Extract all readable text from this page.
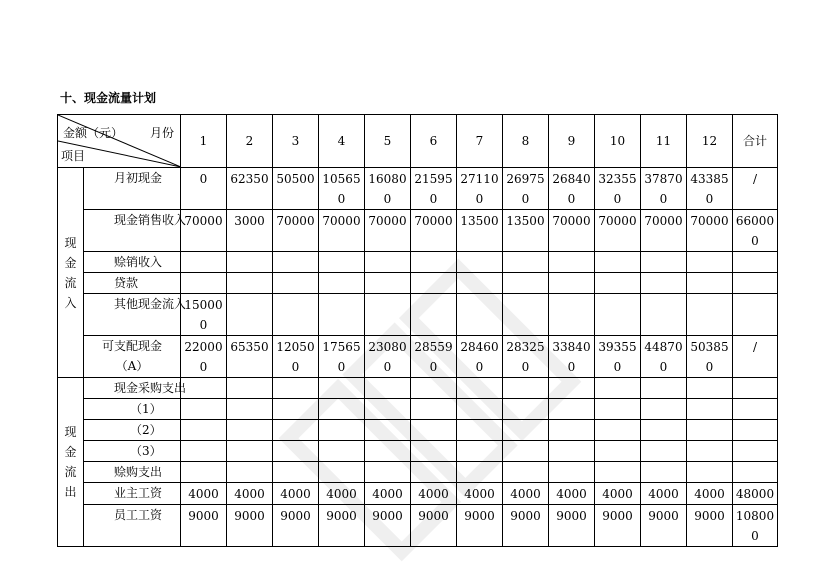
十、现金流量计划
金额（元） 月份
项目		1	2	3	4	5	6	7	8	9	10	11	12	合计

现
金
流
入	月初现金	0	62350	50500	105650	160800	215950	271100	269750	268400	323550	378700	433850	/

	现金销售收入	70000	3000	70000	70000	70000	70000	13500	13500	70000	70000	70000	70000	660000

	赊销收入													

	贷款													

	其他现金流入	150000												

	可支配现金
（A）	220000	65350	120500	175650	230800	285590	284600	283250	338400	393550	448700	503850	/

现
金
流
出	现金采购支出													

	（1）													

	（2）													

	（3）													

	赊购支出													

	业主工资	4000	4000	4000	4000	4000	4000	4000	4000	4000	4000	4000	4000	48000

	员工工资	9000	9000	9000	9000	9000	9000	9000	9000	9000	9000	9000	9000	108000
